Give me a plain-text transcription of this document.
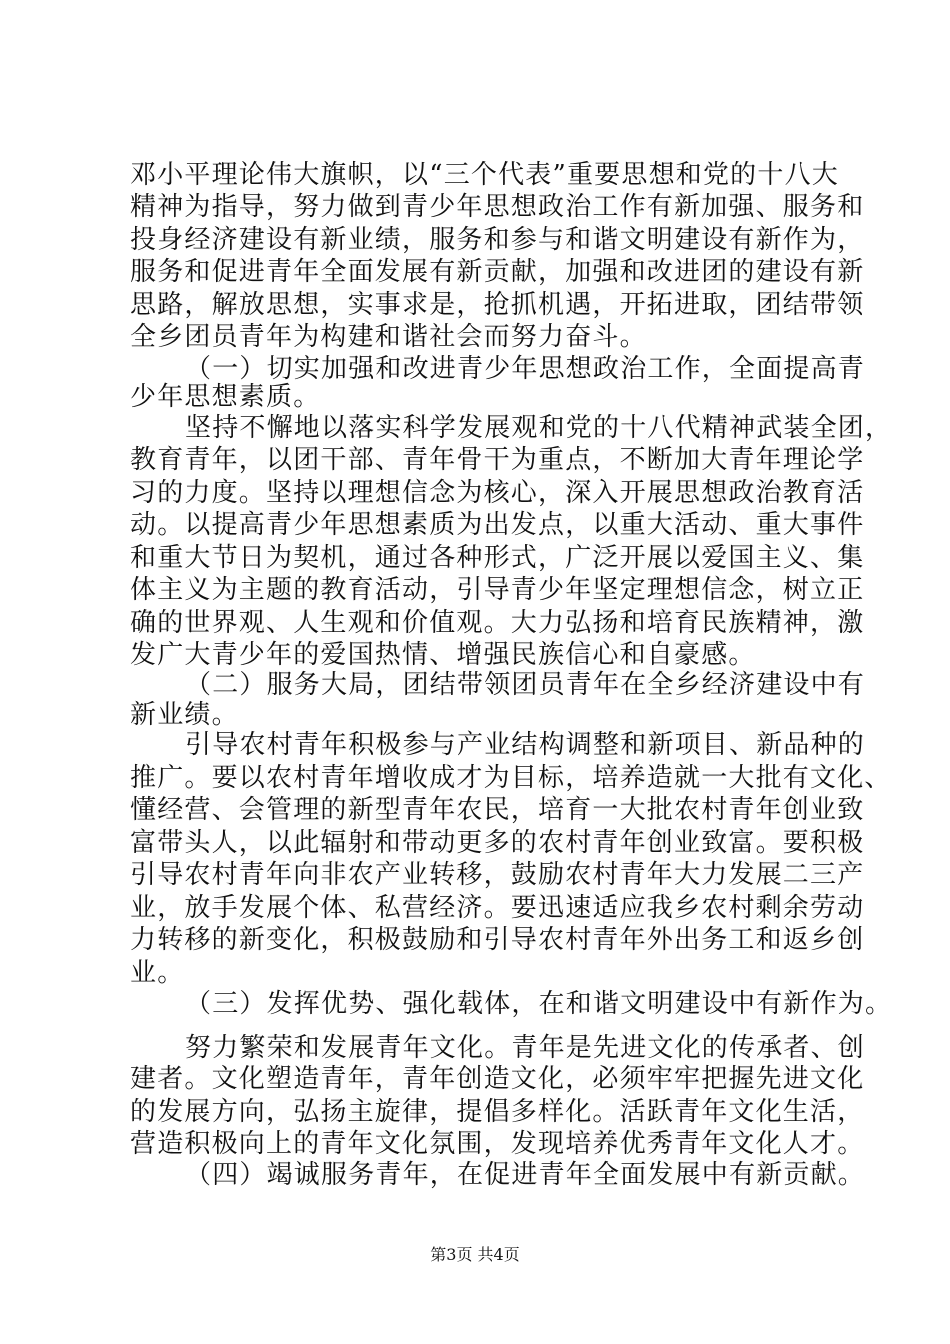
邓小平理论伟大旗帜，以“三个代表”重要思想和党的十八大
精神为指导，努力做到青少年思想政治工作有新加强、服务和
投身经济建设有新业绩，服务和参与和谐文明建设有新作为，
服务和促进青年全面发展有新贡献，加强和改进团的建设有新
思路，解放思想，实事求是，抢抓机遇，开拓进取，团结带领
全乡团员青年为构建和谐社会而努力奋斗。
（一）切实加强和改进青少年思想政治工作，全面提高青
少年思想素质。
坚持不懈地以落实科学发展观和党的十八代精神武装全团，
教育青年，以团干部、青年骨干为重点，不断加大青年理论学
习的力度。坚持以理想信念为核心，深入开展思想政治教育活
动。以提高青少年思想素质为出发点，以重大活动、重大事件
和重大节日为契机，通过各种形式，广泛开展以爱国主义、集
体主义为主题的教育活动，引导青少年坚定理想信念，树立正
确的世界观、人生观和价值观。大力弘扬和培育民族精神，激
发广大青少年的爱国热情、增强民族信心和自豪感。
（二）服务大局，团结带领团员青年在全乡经济建设中有
新业绩。
引导农村青年积极参与产业结构调整和新项目、新品种的
推广。要以农村青年增收成才为目标，培养造就一大批有文化、
懂经营、会管理的新型青年农民，培育一大批农村青年创业致
富带头人，以此辐射和带动更多的农村青年创业致富。要积极
引导农村青年向非农产业转移，鼓励农村青年大力发展二三产
业，放手发展个体、私营经济。要迅速适应我乡农村剩余劳动
力转移的新变化，积极鼓励和引导农村青年外出务工和返乡创
业。
（三）发挥优势、强化载体，在和谐文明建设中有新作为。
努力繁荣和发展青年文化。青年是先进文化的传承者、创
建者。文化塑造青年，青年创造文化，必须牢牢把握先进文化
的发展方向，弘扬主旋律，提倡多样化。活跃青年文化生活，
营造积极向上的青年文化氛围，发现培养优秀青年文化人才。
（四）竭诚服务青年，在促进青年全面发展中有新贡献。
第3页 共4页
